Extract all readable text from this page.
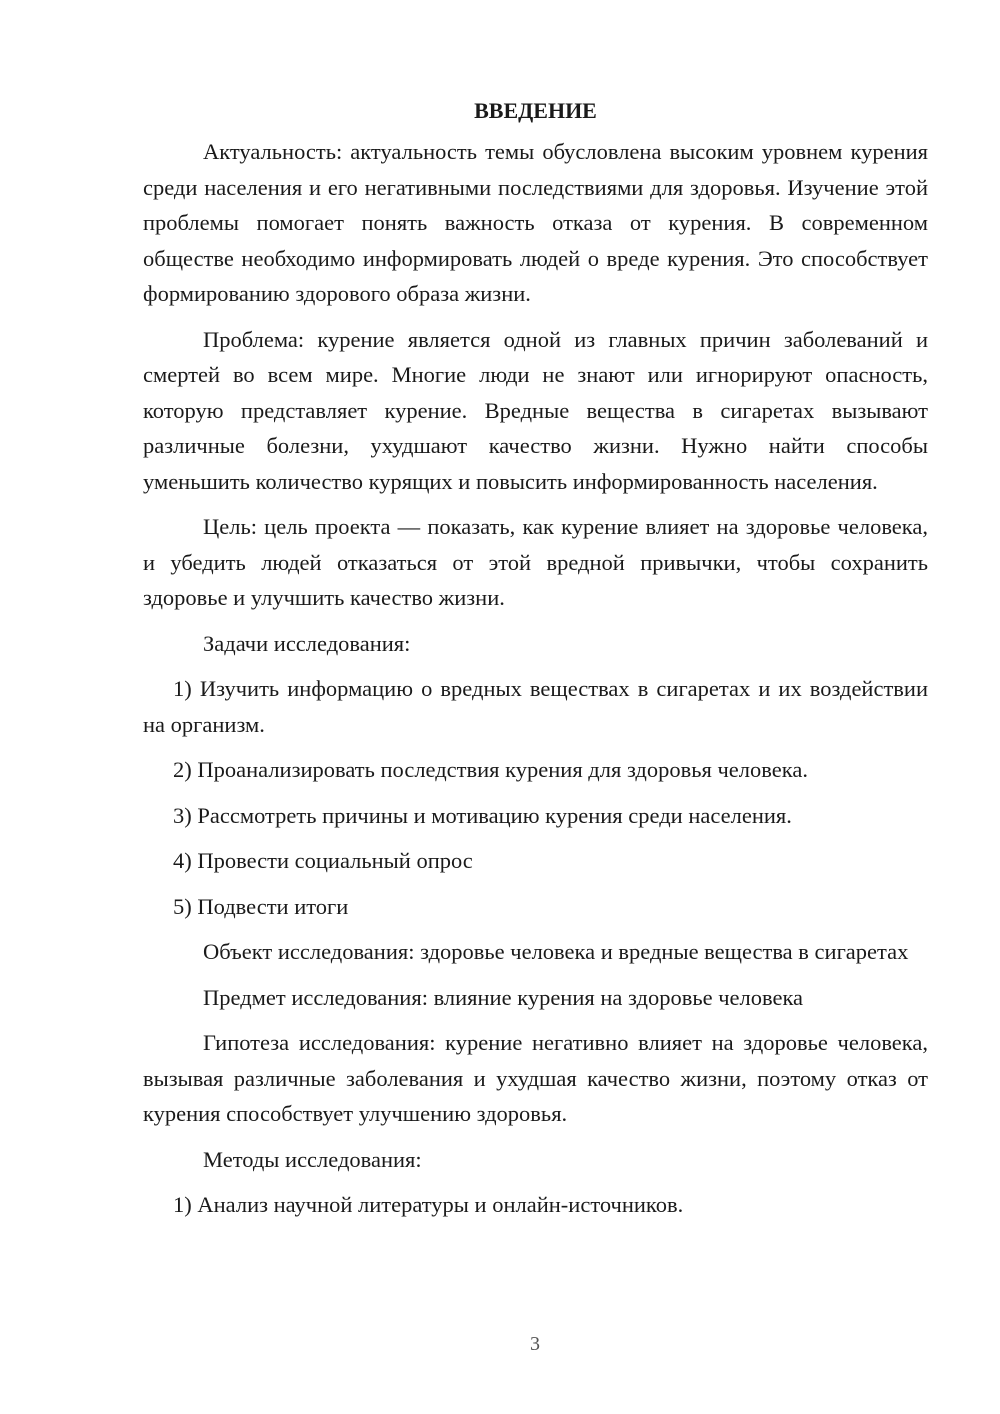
ВВЕДЕНИЕ

Актуальность: актуальность темы обусловлена высоким уровнем курения среди населения и его негативными последствиями для здоровья. Изучение этой проблемы помогает понять важность отказа от курения. В современном обществе необходимо информировать людей о вреде курения. Это способствует формированию здорового образа жизни.

Проблема: курение является одной из главных причин заболеваний и смертей во всем мире. Многие люди не знают или игнорируют опасность, которую представляет курение. Вредные вещества в сигаретах вызывают различные болезни, ухудшают качество жизни. Нужно найти способы уменьшить количество курящих и повысить информированность населения.

Цель: цель проекта — показать, как курение влияет на здоровье человека, и убедить людей отказаться от этой вредной привычки, чтобы сохранить здоровье и улучшить качество жизни.

Задачи исследования:

1) Изучить информацию о вредных веществах в сигаретах и их воздействии на организм.

2) Проанализировать последствия курения для здоровья человека.

3) Рассмотреть причины и мотивацию курения среди населения.

4) Провести социальный опрос

5) Подвести итоги

Объект исследования: здоровье человека и вредные вещества в сигаретах

Предмет исследования: влияние курения на здоровье человека

Гипотеза исследования: курение негативно влияет на здоровье человека, вызывая различные заболевания и ухудшая качество жизни, поэтому отказ от курения способствует улучшению здоровья.

Методы исследования:

1) Анализ научной литературы и онлайн-источников.

3
